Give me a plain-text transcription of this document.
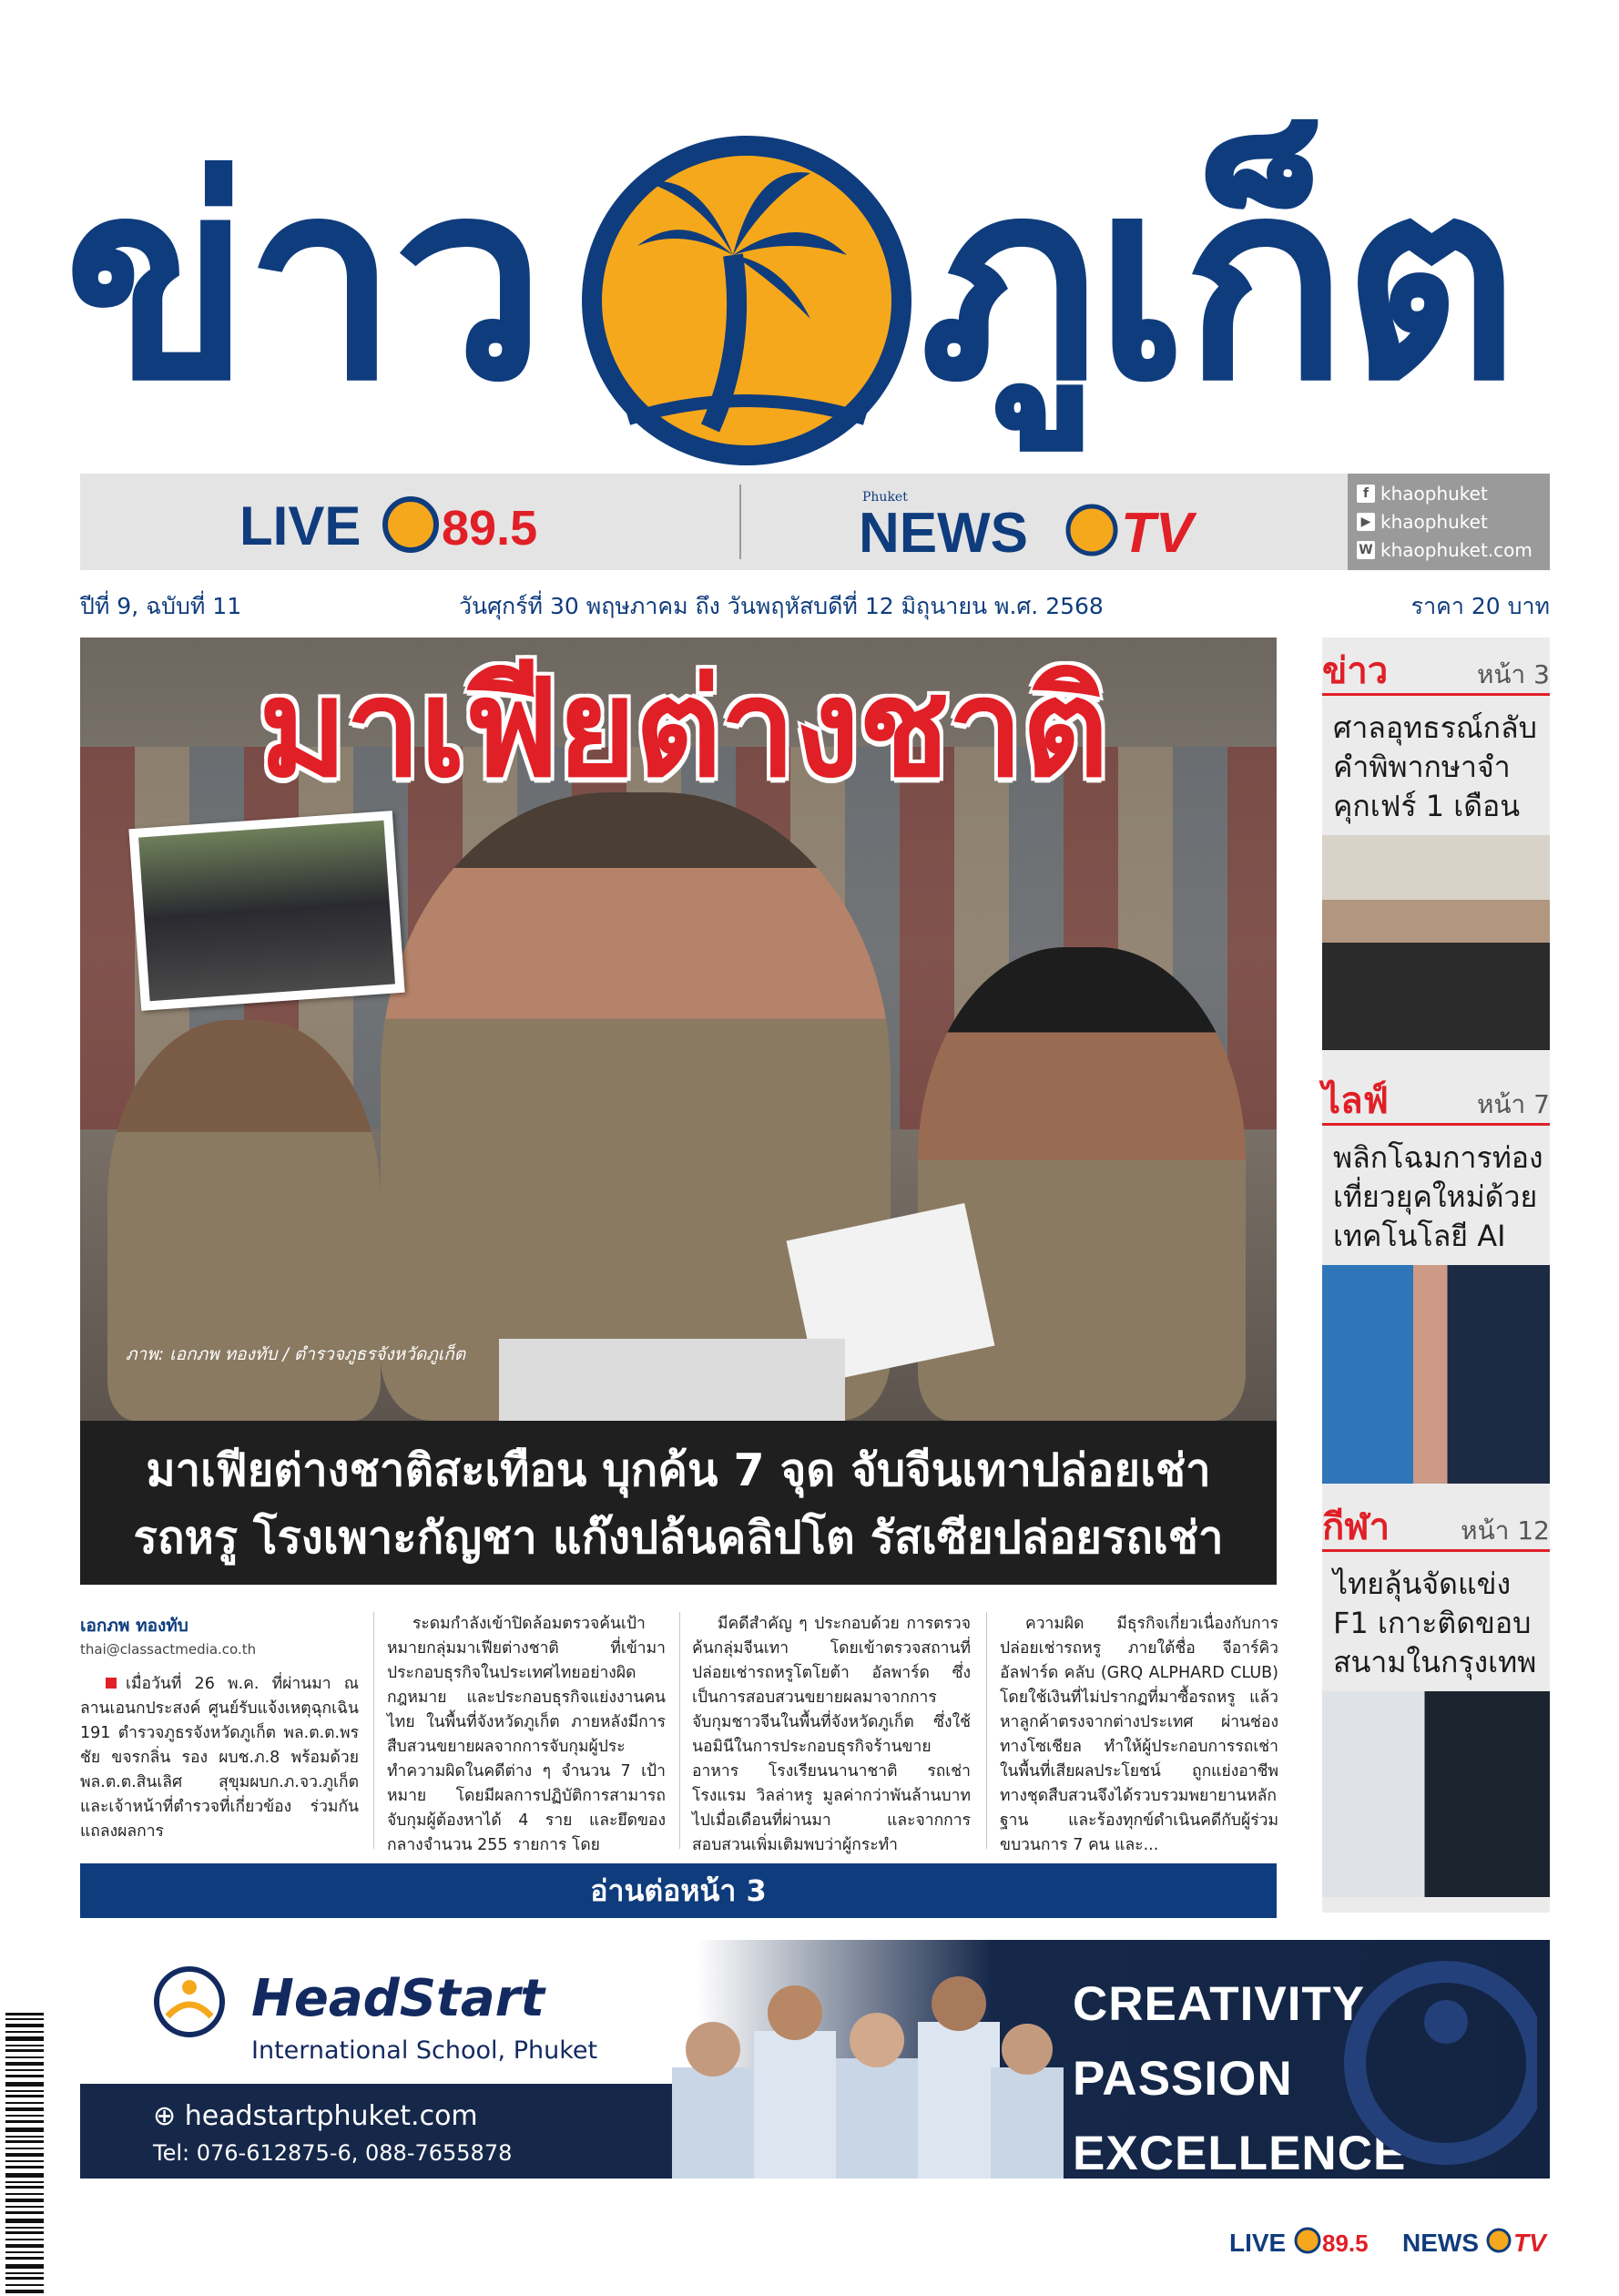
ข่าว ภูเก็ต
LIVE 89.5
Phuket
NEWS TV
f khaophuket
▶ khaophuket
W khaophuket.com
ปีที่ 9, ฉบับที่ 11	วันศุกร์ที่ 30 พฤษภาคม ถึง วันพฤหัสบดีที่ 12 มิถุนายน พ.ศ. 2568	ราคา 20 บาท
มาเฟียต่างชาติ
ภาพ: เอกภพ ทองทับ / ตำรวจภูธรจังหวัดภูเก็ต
มาเฟียต่างชาติสะเทือน บุกค้น 7 จุด จับจีนเทาปล่อยเช่า
รถหรู โรงเพาะกัญชา แก๊งปล้นคลิปโต รัสเซียปล่อยรถเช่า
เอกภพ ทองทับ
thai@classactmedia.co.th

เมื่อวันที่ 26 พ.ค. ที่ผ่านมา ณ ลานเอนกประสงค์ ศูนย์รับแจ้งเหตุฉุกเฉิน 191 ตำรวจภูธรจังหวัดภูเก็ต พล.ต.ต.พรชัย ขจรกลิ่น รอง ผบช.ภ.8 พร้อมด้วย พล.ต.ต.สินเลิศ สุขุมผบก.ภ.จว.ภูเก็ต และเจ้าหน้าที่ตำรวจที่เกี่ยวข้อง ร่วมกันแถลงผลการ

ระดมกำลังเข้าปิดล้อมตรวจค้นเป้าหมายกลุ่มมาเฟียต่างชาติ ที่เข้ามาประกอบธุรกิจในประเทศไทยอย่างผิดกฎหมาย และประกอบธุรกิจแย่งงานคนไทย ในพื้นที่จังหวัดภูเก็ต ภายหลังมีการสืบสวนขยายผลจากการจับกุมผู้ประทำความผิดในคดีต่าง ๆ จำนวน 7 เป้าหมาย โดยมีผลการปฏิบัติการสามารถจับกุมผู้ต้องหาได้ 4 ราย และยึดของกลางจำนวน 255 รายการ โดย

มีคดีสำคัญ ๆ ประกอบด้วย การตรวจค้นกลุ่มจีนเทา โดยเข้าตรวจสถานที่ปล่อยเช่ารถหรูโตโยต้า อัลพาร์ด ซึ่งเป็นการสอบสวนขยายผลมาจากการจับกุมชาวจีนในพื้นที่จังหวัดภูเก็ต ซึ่งใช้นอมินีในการประกอบธุรกิจร้านขายอาหาร โรงเรียนนานาชาติ รถเช่า โรงแรม วิลล่าหรู มูลค่ากว่าพันล้านบาท ไปเมื่อเดือนที่ผ่านมา และจากการสอบสวนเพิ่มเติมพบว่าผู้กระทำ

ความผิด มีธุรกิจเกี่ยวเนื่องกับการปล่อยเช่ารถหรู ภายใต้ชื่อ จีอาร์คิว อัลฟาร์ด คลับ (GRQ ALPHARD CLUB) โดยใช้เงินที่ไม่ปรากฏที่มาซื้อรถหรู แล้วหาลูกค้าตรงจากต่างประเทศ ผ่านช่องทางโซเชียล ทำให้ผู้ประกอบการรถเช่าในพื้นที่เสียผลประโยชน์ ถูกแย่งอาชีพ ทางชุดสืบสวนจึงได้รวบรวมพยายานหลักฐาน และร้องทุกข์ดำเนินคดีกับผู้ร่วมขบวนการ 7 คน และ...

อ่านต่อหน้า 3
ข่าว	หน้า 3
ศาลอุทธรณ์กลับคำพิพากษาจำคุกเฟร์ 1 เดือน
ไลฟ์	หน้า 7
พลิกโฉมการท่องเที่ยวยุคใหม่ด้วยเทคโนโลยี AI
กีฬา	หน้า 12
ไทยลุ้นจัดแข่ง F1 เกาะติดขอบสนามในกรุงเทพ
HeadStart
International School, Phuket
⊕ headstartphuket.com
Tel: 076-612875-6, 088-7655878
CREATIVITY
PASSION
EXCELLENCE
LIVE 89.5 NEWS TV
